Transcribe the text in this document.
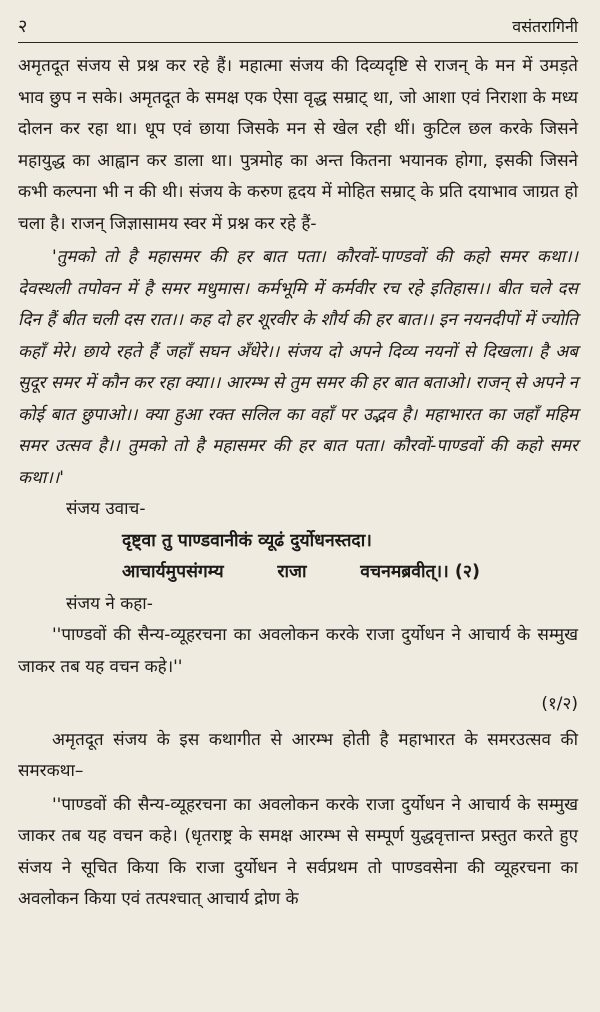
२	वसंतरागिनी

अमृतदूत संजय से प्रश्न कर रहे हैं। महात्मा संजय की दिव्यदृष्टि से राजन् के मन में उमड़ते भाव छुप न सके। अमृतदूत के समक्ष एक ऐसा वृद्ध सम्राट् था, जो आशा एवं निराशा के मध्य दोलन कर रहा था। धूप एवं छाया जिसके मन से खेल रही थीं। कुटिल छल करके जिसने महायुद्ध का आह्वान कर डाला था। पुत्रमोह का अन्त कितना भयानक होगा, इसकी जिसने कभी कल्पना भी न की थी। संजय के करुण हृदय में मोहित सम्राट् के प्रति दयाभाव जाग्रत हो चला है। राजन् जिज्ञासामय स्वर में प्रश्न कर रहे हैं-

'तुमको तो है महासमर की हर बात पता। कौरवों-पाण्डवों की कहो समर कथा।। देवस्थली तपोवन में है समर मधुमास। कर्मभूमि में कर्मवीर रच रहे इतिहास।। बीत चले दस दिन हैं बीत चली दस रात।। कह दो हर शूरवीर के शौर्य की हर बात।। इन नयनदीपों में ज्योति कहाँ मेरे। छाये रहते हैं जहाँ सघन अँधेरे।। संजय दो अपने दिव्य नयनों से दिखला। है अब सुदूर समर में कौन कर रहा क्या।। आरम्भ से तुम समर की हर बात बताओ। राजन् से अपने न कोई बात छुपाओ।। क्या हुआ रक्त सलिल का वहाँ पर उद्भव है। महाभारत का जहाँ महिम समर उत्सव है।। तुमको तो है महासमर की हर बात पता। कौरवों-पाण्डवों की कहो समर कथा।।'

संजय उवाच-

दृष्ट्वा तु पाण्डवानीकं व्यूढं दुर्योधनस्तदा।
आचार्यमुपसंगम्य	राजा	वचनमब्रवीत्।। (२)

संजय ने कहा-

''पाण्डवों की सैन्य-व्यूहरचना का अवलोकन करके राजा दुर्योधन ने आचार्य के सम्मुख जाकर तब यह वचन कहे।''

(१/२)

अमृतदूत संजय के इस कथागीत से आरम्भ होती है महाभारत के समरउत्सव की समरकथा–

''पाण्डवों की सैन्य-व्यूहरचना का अवलोकन करके राजा दुर्योधन ने आचार्य के सम्मुख जाकर तब यह वचन कहे। (धृतराष्ट्र के समक्ष आरम्भ से सम्पूर्ण युद्धवृत्तान्त प्रस्तुत करते हुए संजय ने सूचित किया कि राजा दुर्योधन ने सर्वप्रथम तो पाण्डवसेना की व्यूहरचना का अवलोकन किया एवं तत्पश्चात् आचार्य द्रोण के
